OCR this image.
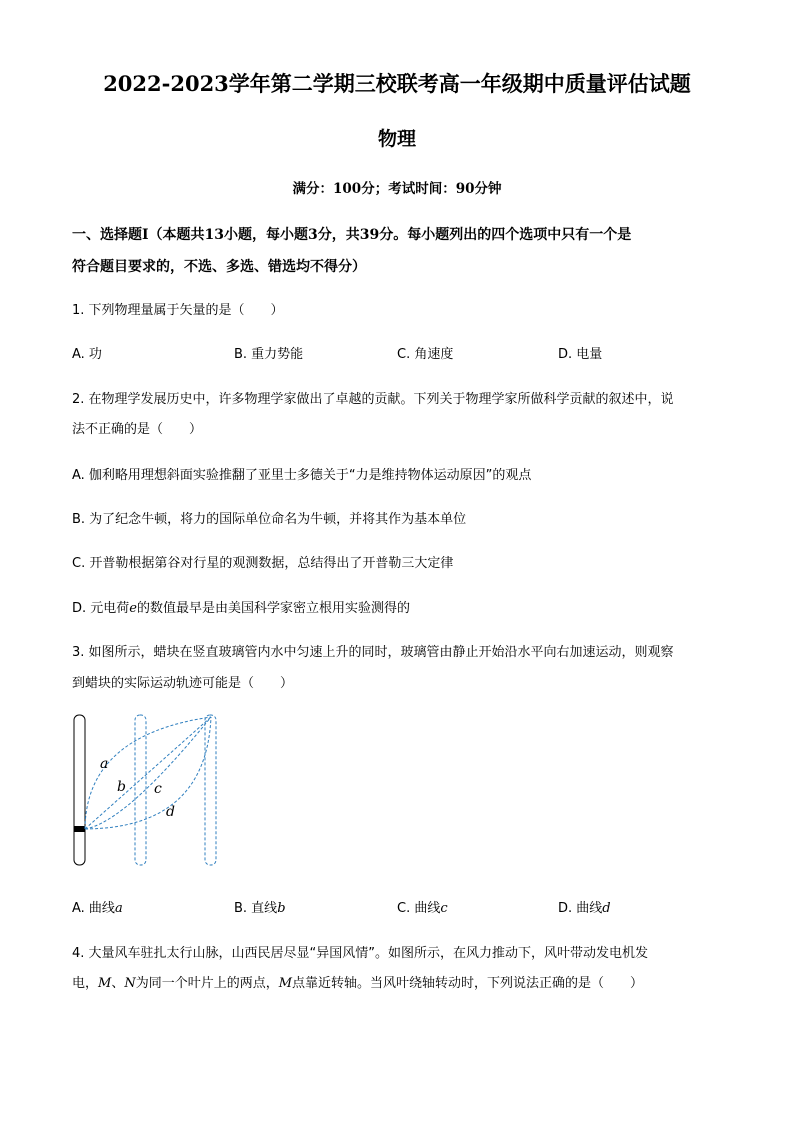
2022-2023学年第二学期三校联考高一年级期中质量评估试题
物理
满分：100分；考试时间：90分钟
一、选择题Ⅰ（本题共13小题，每小题3分，共39分。每小题列出的四个选项中只有一个是
符合题目要求的，不选、多选、错选均不得分）
1. 下列物理量属于矢量的是（　　）
A. 功	B. 重力势能	C. 角速度	D. 电量
2. 在物理学发展历史中，许多物理学家做出了卓越的贡献。下列关于物理学家所做科学贡献的叙述中，说
法不正确的是（　　）
A. 伽利略用理想斜面实验推翻了亚里士多德关于“力是维持物体运动原因”的观点
B. 为了纪念牛顿，将力的国际单位命名为牛顿，并将其作为基本单位
C. 开普勒根据第谷对行星的观测数据，总结得出了开普勒三大定律
D. 元电荷e的数值最早是由美国科学家密立根用实验测得的
3. 如图所示，蜡块在竖直玻璃管内水中匀速上升的同时，玻璃管由静止开始沿水平向右加速运动，则观察
到蜡块的实际运动轨迹可能是（　　）
a
b c
d
A. 曲线a	B. 直线b	C. 曲线c	D. 曲线d
4. 大量风车驻扎太行山脉，山西民居尽显“异国风情”。如图所示，在风力推动下，风叶带动发电机发
电，M、N为同一个叶片上的两点，M点靠近转轴。当风叶绕轴转动时，下列说法正确的是（　　）
